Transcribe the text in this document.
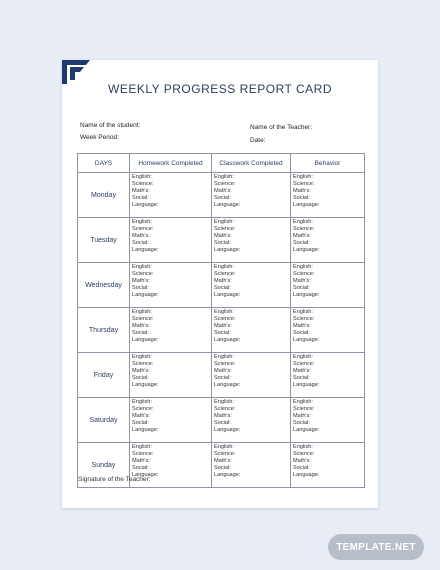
WEEKLY PROGRESS REPORT CARD
Name of the student:
Week Period:
Name of the Teacher:
Date:
DAYS	Homework Completed	Classwork Completed	Behavior
Monday	English:
Science:
Math's:
Social:
Language:	English:
Science:
Math's:
Social:
Language:	English:
Science:
Math's:
Social:
Language:

Tuesday	English:
Science:
Math's:
Social:
Language:	English:
Science:
Math's:
Social:
Language:	English:
Science:
Math's:
Social:
Language:

Wednesday	English:
Science:
Math's:
Social:
Language:	English:
Science:
Math's:
Social:
Language:	English:
Science:
Math's:
Social:
Language:

Thursday	English:
Science:
Math's:
Social:
Language:	English:
Science:
Math's:
Social:
Language:	English:
Science:
Math's:
Social:
Language:

Friday	English:
Science:
Math's:
Social:
Language:	English:
Science:
Math's:
Social:
Language:	English:
Science:
Math's:
Social:
Language:

Saturday	English:
Science:
Math's:
Social:
Language:	English:
Science:
Math's:
Social:
Language:	English:
Science:
Math's:
Social:
Language:

Sunday	English:
Science:
Math's:
Social:
Language:	English:
Science:
Math's:
Social:
Language:	English:
Science:
Math's:
Social:
Language:
Signature of the Teacher:
TEMPLATE.NET
